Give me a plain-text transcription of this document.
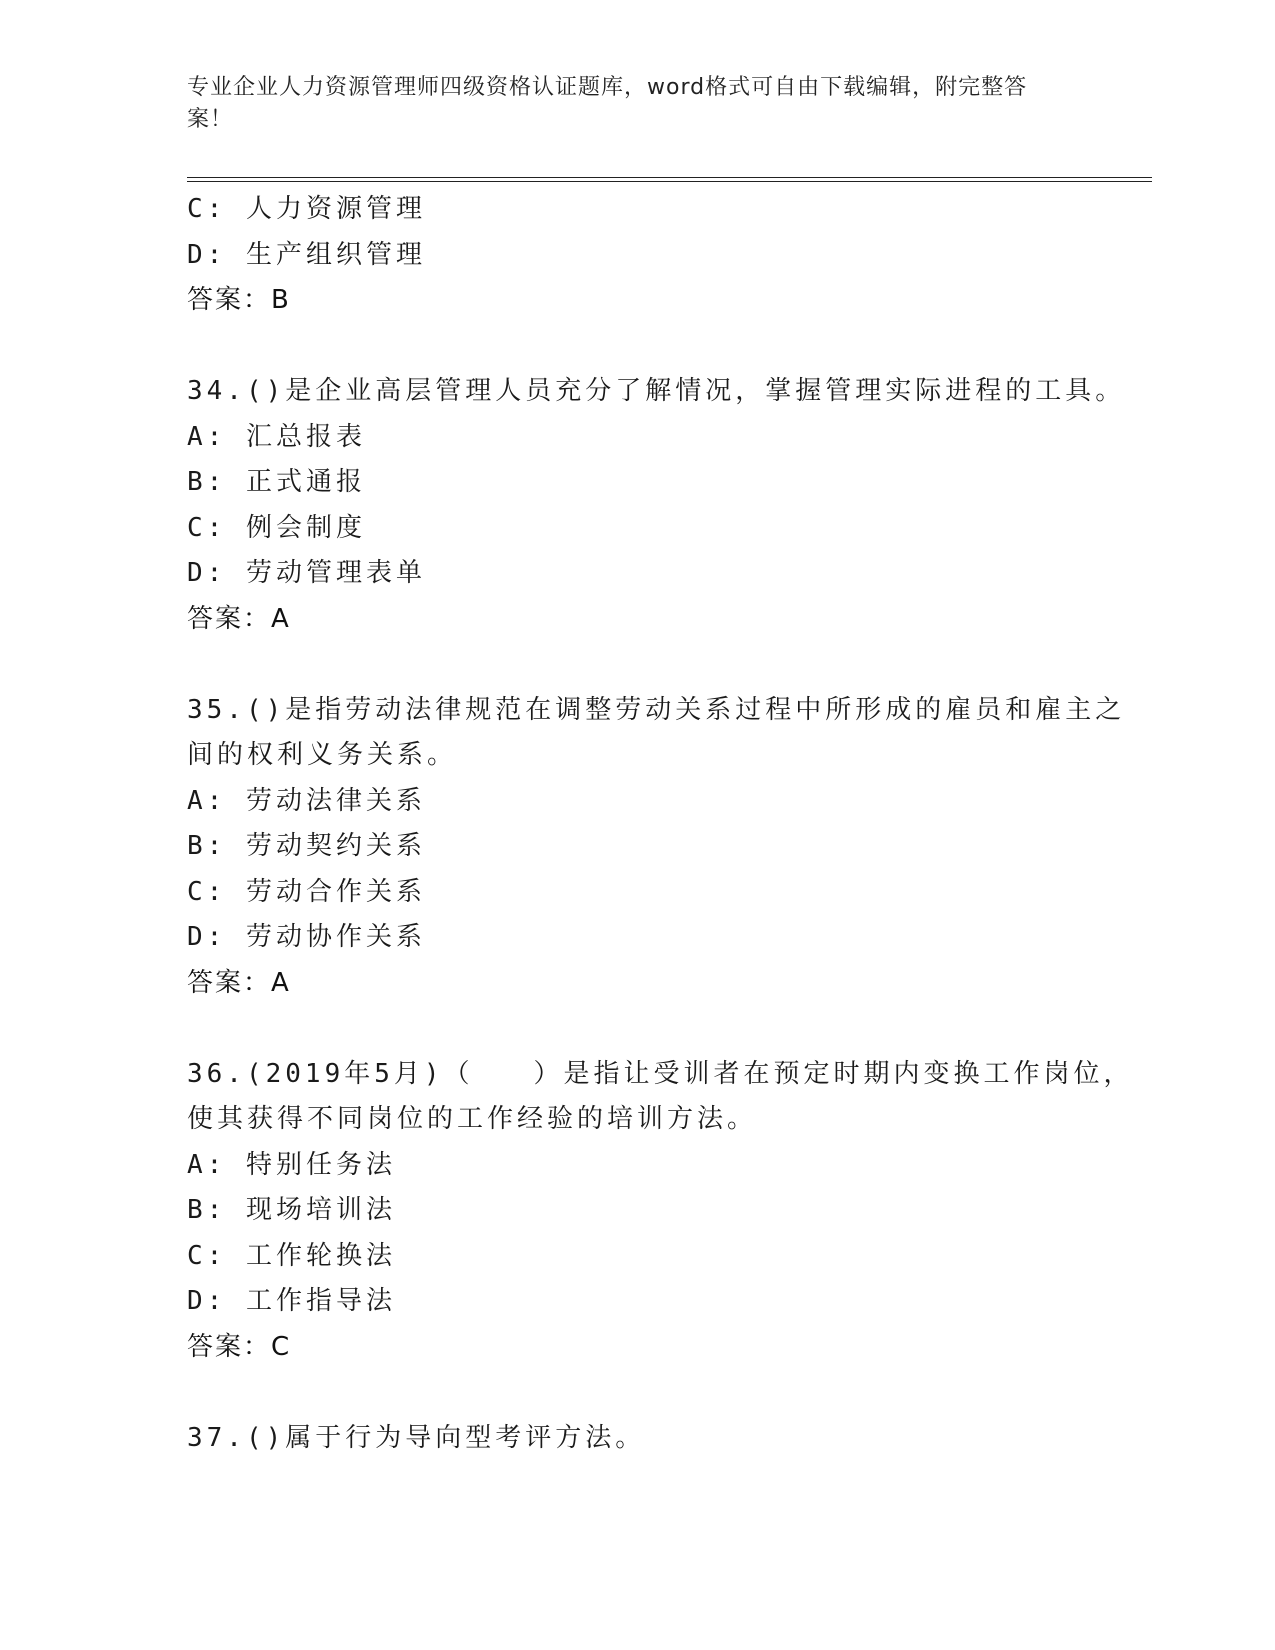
专业企业人力资源管理师四级资格认证题库，word格式可自由下载编辑，附完整答案！
C: 人力资源管理
D: 生产组织管理
答案：B
34.()是企业高层管理人员充分了解情况，掌握管理实际进程的工具。
A: 汇总报表
B: 正式通报
C: 例会制度
D: 劳动管理表单
答案：A
35.()是指劳动法律规范在调整劳动关系过程中所形成的雇员和雇主之
间的权利义务关系。
A: 劳动法律关系
B: 劳动契约关系
C: 劳动合作关系
D: 劳动协作关系
答案：A
36.(2019年5月)（　　）是指让受训者在预定时期内变换工作岗位，
使其获得不同岗位的工作经验的培训方法。
A: 特别任务法
B: 现场培训法
C: 工作轮换法
D: 工作指导法
答案：C
37.()属于行为导向型考评方法。
